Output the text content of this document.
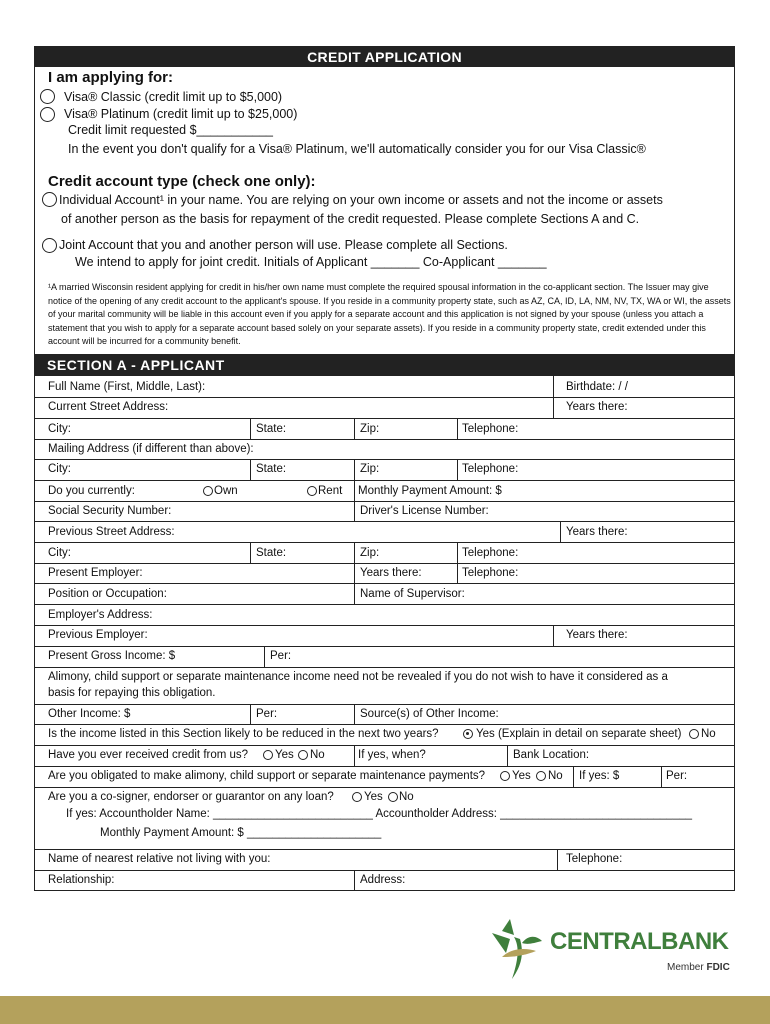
CREDIT APPLICATION
I am applying for:
Visa® Classic (credit limit up to $5,000)
Visa® Platinum (credit limit up to $25,000)
Credit limit requested $___________
In the event you don't qualify for a Visa® Platinum, we'll automatically consider you for our Visa Classic®
Credit account type (check one only):
Individual Account¹ in your name. You are relying on your own income or assets and not the income or assets
of another person as the basis for repayment of the credit requested. Please complete Sections A and C.
Joint Account that you and another person will use. Please complete all Sections.
We intend to apply for joint credit. Initials of Applicant _______ Co-Applicant _______
¹A married Wisconsin resident applying for credit in his/her own name must complete the required spousal information in the co-applicant section. The Issuer may give notice of the opening of any credit account to the applicant's spouse. If you reside in a community property state, such as AZ, CA, ID, LA, NM, NV, TX, WA or WI, the assets of your marital community will be liable in this account even if you apply for a separate account and this application is not signed by your spouse (unless you attach a statement that you wish to apply for a separate account based solely on your separate assets). If you reside in a community property state, credit extended under this account will be incurred for a community benefit.
SECTION A - APPLICANT
Full Name (First, Middle, Last):	Birthdate: / /
Current Street Address:	Years there:
City:	State:	Zip:	Telephone:
Mailing Address (if different than above):
City:	State:	Zip:	Telephone:
Do you currently:	Own	Rent Monthly Payment Amount: $
Social Security Number:	Driver's License Number:
Previous Street Address:	Years there:
City:	State:	Zip:	Telephone:
Present Employer:	Years there:	Telephone:
Position or Occupation:	Name of Supervisor:
Employer's Address:
Previous Employer:	Years there:
Present Gross Income: $	Per:
Alimony, child support or separate maintenance income need not be revealed if you do not wish to have it considered as a
basis for repaying this obligation.
Other Income: $	Per:	Source(s) of Other Income:
Is the income listed in this Section likely to be reduced in the next two years?	Yes (Explain in detail on separate sheet) No
Have you ever received credit from us? Yes No	If yes, when?	Bank Location:
Are you obligated to make alimony, child support or separate maintenance payments? Yes No If yes: $	Per:
Are you a co-signer, endorser or guarantor on any loan?	Yes No
If yes: Accountholder Name: _________________________ Accountholder Address: ______________________________
Monthly Payment Amount: $ _____________________
Name of nearest relative not living with you:	Telephone:
Relationship:	Address:
CENTRALBANK
Member FDIC
